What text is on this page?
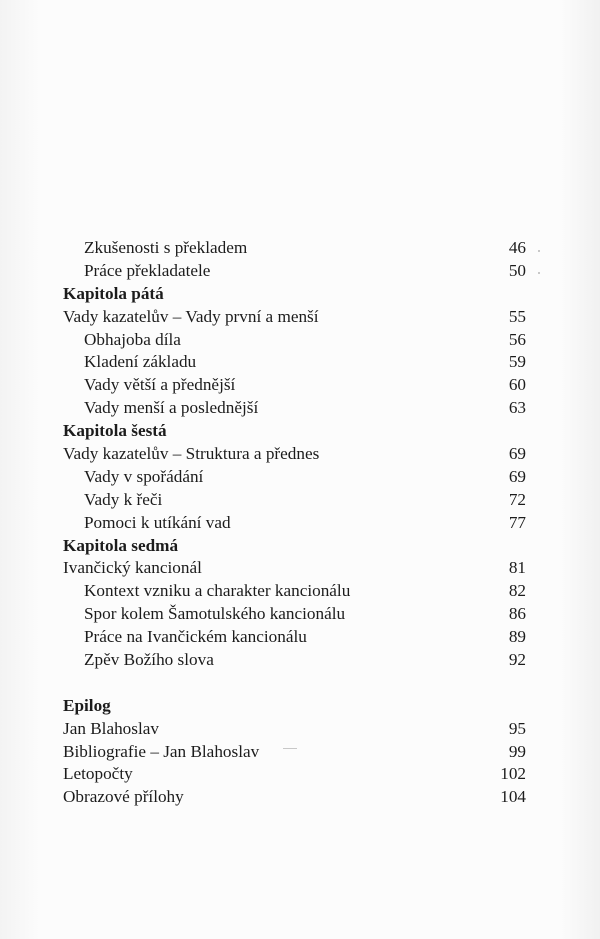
Zkušenosti s překladem	46
Práce překladatele	50
Kapitola pátá
Vady kazatelův – Vady první a menší	55
Obhajoba díla	56
Kladení základu	59
Vady větší a přednější	60
Vady menší a poslednější	63
Kapitola šestá
Vady kazatelův – Struktura a přednes	69
Vady v spořádání	69
Vady k řeči	72
Pomoci k utíkání vad	77
Kapitola sedmá
Ivančický kancionál	81
Kontext vzniku a charakter kancionálu	82
Spor kolem Šamotulského kancionálu	86
Práce na Ivančickém kancionálu	89
Zpěv Božího slova	92
Epilog
Jan Blahoslav	95
Bibliografie – Jan Blahoslav	99
Letopočty	102
Obrazové přílohy	104
